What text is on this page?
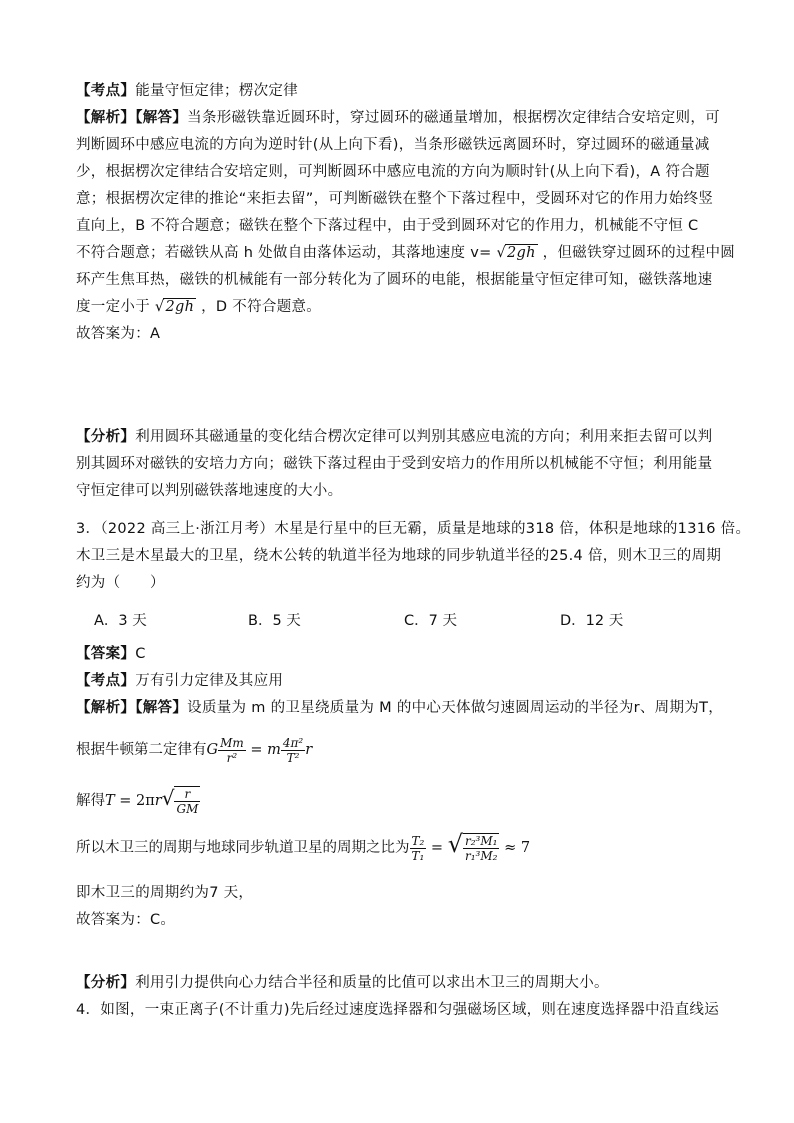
【考点】能量守恒定律；楞次定律
【解析】【解答】当条形磁铁靠近圆环时，穿过圆环的磁通量增加，根据楞次定律结合安培定则，可
判断圆环中感应电流的方向为逆时针(从上向下看)，当条形磁铁远离圆环时，穿过圆环的磁通量减
少，根据楞次定律结合安培定则，可判断圆环中感应电流的方向为顺时针(从上向下看)，A 符合题
意；根据楞次定律的推论“来拒去留”，可判断磁铁在整个下落过程中，受圆环对它的作用力始终竖
直向上，B 不符合题意；磁铁在整个下落过程中，由于受到圆环对它的作用力，机械能不守恒 C
不符合题意；若磁铁从高 h 处做自由落体运动，其落地速度 v= √2gh ，但磁铁穿过圆环的过程中圆
环产生焦耳热，磁铁的机械能有一部分转化为了圆环的电能，根据能量守恒定律可知，磁铁落地速
度一定小于 √2gh ，D 不符合题意。
故答案为：A
【分析】利用圆环其磁通量的变化结合楞次定律可以判别其感应电流的方向；利用来拒去留可以判
别其圆环对磁铁的安培力方向；磁铁下落过程由于受到安培力的作用所以机械能不守恒；利用能量
守恒定律可以判别磁铁落地速度的大小。
3．（2022 高三上·浙江月考）木星是行星中的巨无霸，质量是地球的318 倍，体积是地球的1316 倍。
木卫三是木星最大的卫星，绕木公转的轨道半径为地球的同步轨道半径的25.4 倍，则木卫三的周期
约为（　　）
A．3 天	B．5 天	C．7 天	D．12 天
【答案】C
【考点】万有引力定律及其应用
【解析】【解答】设质量为 m 的卫星绕质量为 M 的中心天体做匀速圆周运动的半径为r、周期为T，
根据牛顿第二定律有G $\frac{Mm}{\text{r²}} = m \frac{\text{4π²}}{\text{T²}}$ r
解得$T = 2\pi r√ \frac{r}{GM}$
所以木卫三的周期与地球同步轨道卫星的周期之比为 $\frac{\text{T₂}}{\text{T₁}}$ = √ $\frac{\text{r₂³M₁}}{\text{r₁³M₂}} \approx 7$
即木卫三的周期约为7 天，
故答案为：C。
【分析】利用引力提供向心力结合半径和质量的比值可以求出木卫三的周期大小。
4．如图，一束正离子(不计重力)先后经过速度选择器和匀强磁场区域，则在速度选择器中沿直线运
